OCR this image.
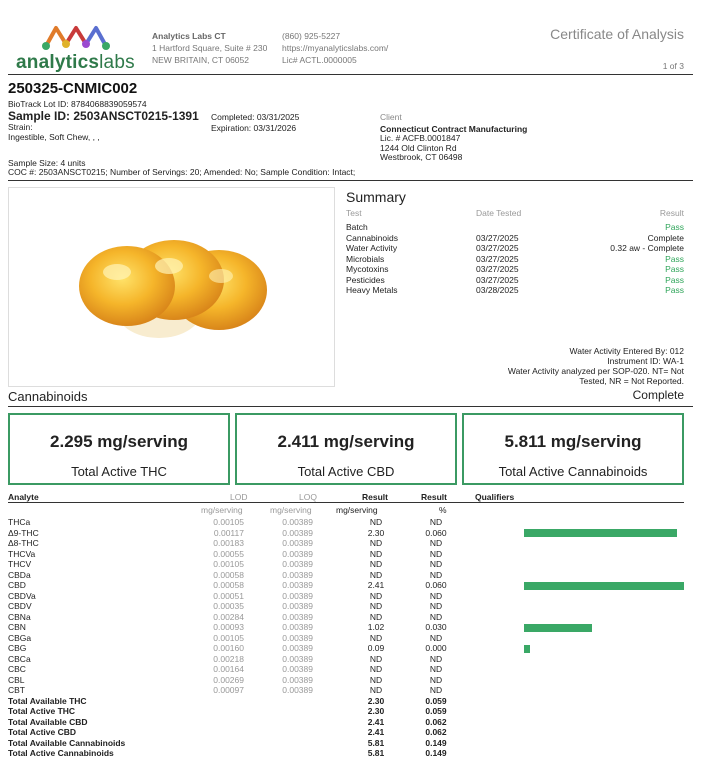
analyticslabs
Analytics Labs CT
1 Hartford Square, Suite # 230
NEW BRITAIN, CT 06052
(860) 925-5227
https://myanalyticslabs.com/
Lic# ACTL.0000005
Certificate of Analysis
1 of 3
250325-CNMIC002
BioTrack Lot ID: 8784068839059574
Sample ID: 2503ANSCT0215-1391
Strain:
Ingestible, Soft Chew, , ,
Completed: 03/31/2025
Expiration: 03/31/2026
Client
Connecticut Contract Manufacturing
Lic. # ACFB.0001847
1244 Old Clinton Rd
Westbrook, CT 06498
Sample Size: 4 units
COC #: 2503ANSCT0215; Number of Servings: 20; Amended: No; Sample Condition: Intact;
Summary
Test	Date Tested	Result
Batch		Pass
Cannabinoids	03/27/2025	Complete
Water Activity	03/27/2025	0.32 aw - Complete
Microbials	03/27/2025	Pass
Mycotoxins	03/27/2025	Pass
Pesticides	03/27/2025	Pass
Heavy Metals	03/28/2025	Pass
Water Activity Entered By: 012
Instrument ID: WA-1
Water Activity analyzed per SOP-020. NT= Not
Tested, NR = Not Reported.
Cannabinoids	Complete
2.295 mg/serving
Total Active THC
2.411 mg/serving
Total Active CBD
5.811 mg/serving
Total Active Cannabinoids
Analyte	LOD	LOQ	Result	Result	Qualifiers
mg/serving	mg/serving	mg/serving	%
THCa	0.00105	0.00389	ND	ND
Δ9-THC	0.00117	0.00389	2.30	0.060
Δ8-THC	0.00183	0.00389	ND	ND
THCVa	0.00055	0.00389	ND	ND
THCV	0.00105	0.00389	ND	ND
CBDa	0.00058	0.00389	ND	ND
CBD	0.00058	0.00389	2.41	0.060
CBDVa	0.00051	0.00389	ND	ND
CBDV	0.00035	0.00389	ND	ND
CBNa	0.00284	0.00389	ND	ND
CBN	0.00093	0.00389	1.02	0.030
CBGa	0.00105	0.00389	ND	ND
CBG	0.00160	0.00389	0.09	0.000
CBCa	0.00218	0.00389	ND	ND
CBC	0.00164	0.00389	ND	ND
CBL	0.00269	0.00389	ND	ND
CBT	0.00097	0.00389	ND	ND
Total Available THC	2.30	0.059
Total Active THC	2.30	0.059
Total Available CBD	2.41	0.062
Total Active CBD	2.41	0.062
Total Available Cannabinoids	5.81	0.149
Total Active Cannabinoids	5.81	0.149
